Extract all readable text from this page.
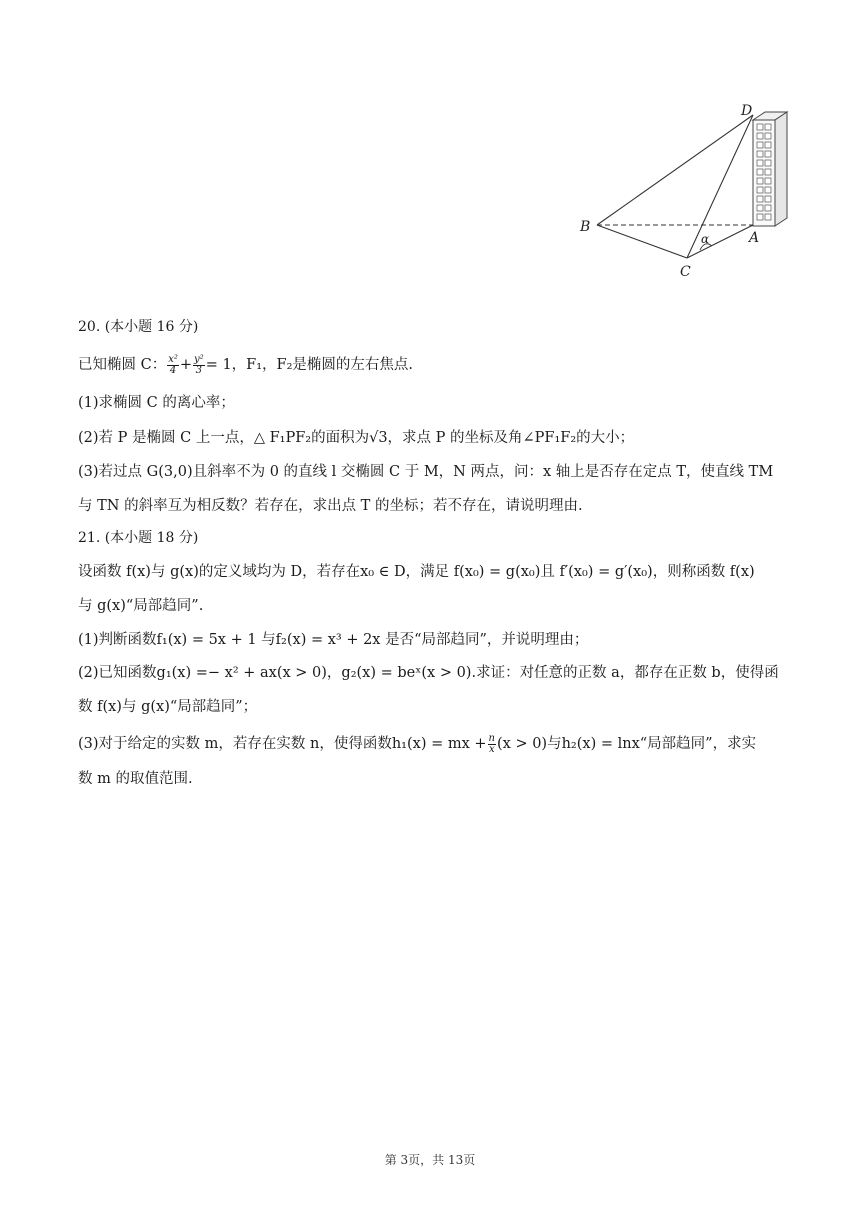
D
B
A
C
α
20. (本小题 16 分)
已知椭圆 C： $\frac{\text{x²}}{4} + \frac{\text{y²}}{3} = 1$，F₁，F₂是椭圆的左右焦点.
(1)求椭圆 C 的离心率；
(2)若 P 是椭圆 C 上一点，△ F₁PF₂的面积为√3，求点 P 的坐标及角∠PF₁F₂的大小；
(3)若过点 G(3,0)且斜率不为 0 的直线 l 交椭圆 C 于 M，N 两点，问：x 轴上是否存在定点 T，使直线 TM
与 TN 的斜率互为相反数？若存在，求出点 T 的坐标；若不存在，请说明理由.
21. (本小题 18 分)
设函数 f(x)与 g(x)的定义域均为 D，若存在x₀ ∈ D，满足 f(x₀) = g(x₀)且 f′(x₀) = g′(x₀)，则称函数 f(x)
与 g(x)“局部趋同”.
(1)判断函数f₁(x) = 5x + 1 与f₂(x) = x³ + 2x 是否“局部趋同”，并说明理由；
(2)已知函数g₁(x) =− x² + ax(x > 0)，g₂(x) = beˣ(x > 0).求证：对任意的正数 a，都存在正数 b，使得函
数 f(x)与 g(x)“局部趋同”；
(3)对于给定的实数 m，若存在实数 n，使得函数h₁(x) = mx + $\frac{n}{x} (x > 0)$与h₂(x) = lnx“局部趋同”，求实
数 m 的取值范围.
第 3页，共 13页
